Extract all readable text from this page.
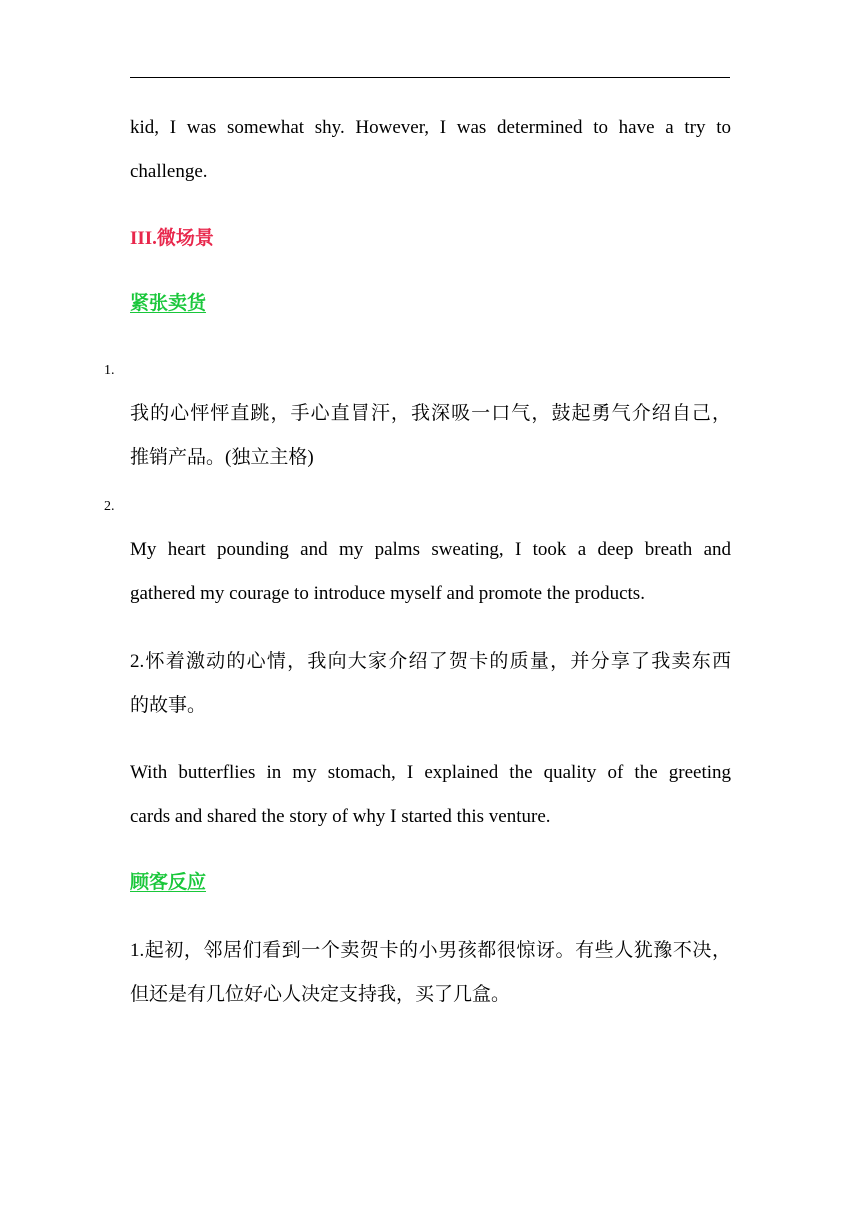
kid, I was somewhat shy. However, I was determined to have a try to
challenge.
III.微场景
紧张卖货
1.
我的心怦怦直跳，手心直冒汗，我深吸一口气，鼓起勇气介绍自己，
推销产品。(独立主格)
2.
My heart pounding and my palms sweating, I took a deep breath and
gathered my courage to introduce myself and promote the products.
2.怀着激动的心情，我向大家介绍了贺卡的质量，并分享了我卖东西
的故事。
With butterflies in my stomach, I explained the quality of the greeting
cards and shared the story of why I started this venture.
顾客反应
1.起初，邻居们看到一个卖贺卡的小男孩都很惊讶。有些人犹豫不决，
但还是有几位好心人决定支持我，买了几盒。
